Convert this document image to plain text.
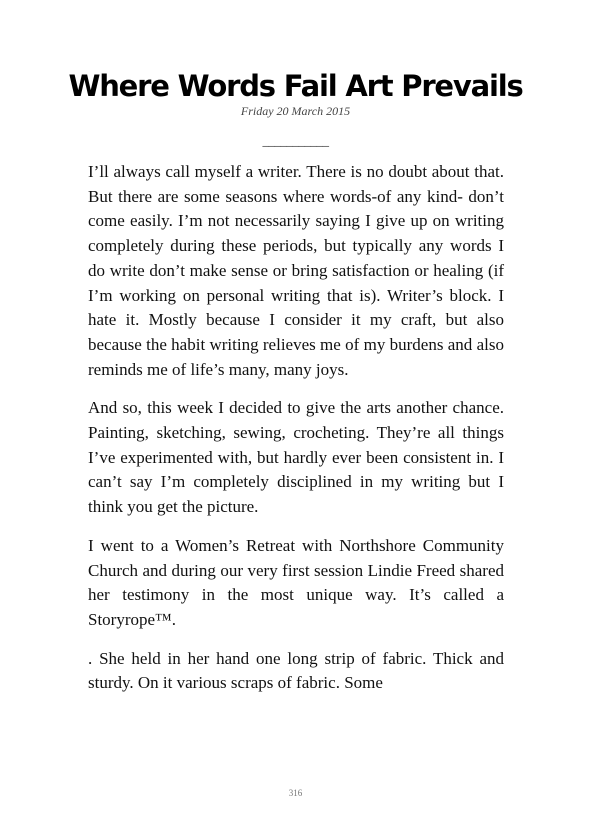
Where Words Fail Art Prevails
Friday 20 March 2015
___________

I’ll always call myself a writer. There is no doubt about that. But there are some seasons where words-of any kind- don’t come easily. I’m not necessarily saying I give up on writing completely during these periods, but typically any words I do write don’t make sense or bring satisfaction or healing (if I’m working on personal writing that is). Writer’s block. I hate it. Mostly because I consider it my craft, but also because the habit writing relieves me of my burdens and also reminds me of life’s many, many joys.

And so, this week I decided to give the arts another chance. Painting, sketching, sewing, crocheting. They’re all things I’ve experimented with, but hardly ever been consistent in. I can’t say I’m completely disciplined in my writing but I think you get the picture.

I went to a Women’s Retreat with Northshore Community Church and during our very first session Lindie Freed shared her testimony in the most unique way. It’s called a Storyrope™.

. She held in her hand one long strip of fabric. Thick and sturdy. On it various scraps of fabric. Some

316
